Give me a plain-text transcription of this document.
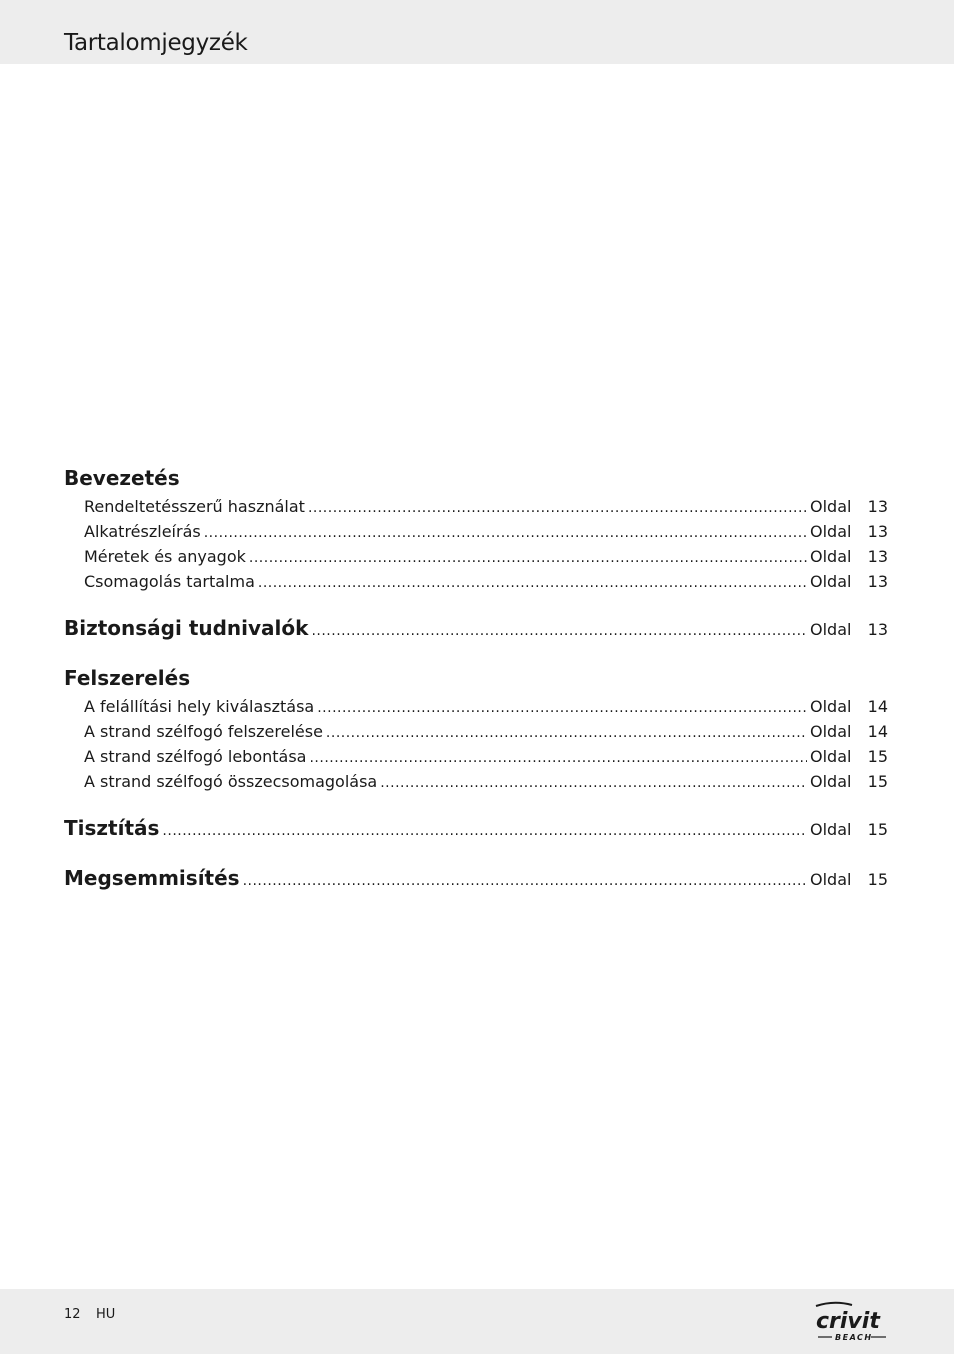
Tartalomjegyzék
Bevezetés
Rendeltetésszerű használat .....	Oldal	13
Alkatrészleírás .....	Oldal	13
Méretek és anyagok .....	Oldal	13
Csomagolás tartalma .....	Oldal	13
Biztonsági tudnivalók .....	Oldal	13
Felszerelés
A felállítási hely kiválasztása .....	Oldal	14
A strand szélfogó felszerelése .....	Oldal	14
A strand szélfogó lebontása .....	Oldal	15
A strand szélfogó összecsomagolása .....	Oldal	15
Tisztítás .....	Oldal	15
Megsemmisítés .....	Oldal	15
12 HU	crivit
BEACH
